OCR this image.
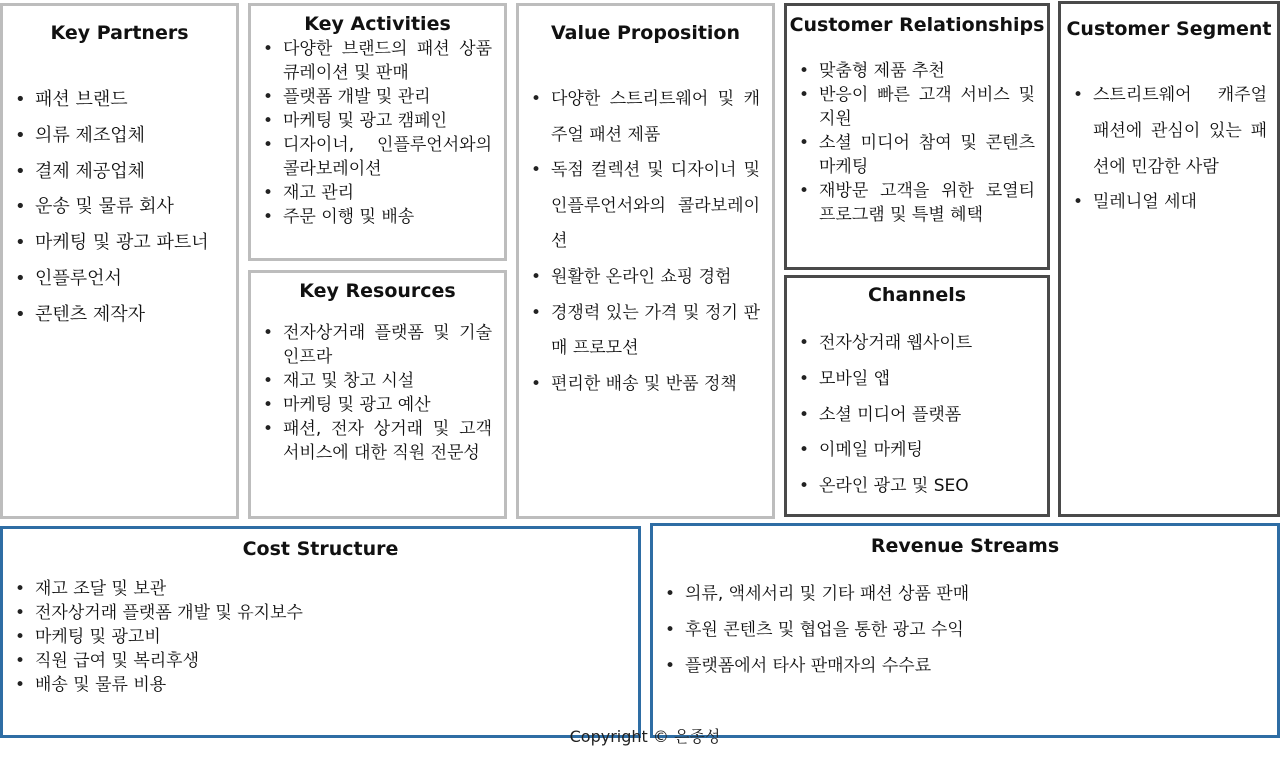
Key Partners
• 패션 브랜드
• 의류 제조업체
• 결제 제공업체
• 운송 및 물류 회사
• 마케팅 및 광고 파트너
• 인플루언서
• 콘텐츠 제작자
Key Activities
• 다양한 브랜드의 패션 상품 큐레이션 및 판매
• 플랫폼 개발 및 관리
• 마케팅 및 광고 캠페인
• 디자이너, 인플루언서와의 콜라보레이션
• 재고 관리
• 주문 이행 및 배송
Key Resources
• 전자상거래 플랫폼 및 기술 인프라
• 재고 및 창고 시설
• 마케팅 및 광고 예산
• 패션, 전자 상거래 및 고객 서비스에 대한 직원 전문성
Value Proposition
• 다양한 스트리트웨어 및 캐주얼 패션 제품
• 독점 컬렉션 및 디자이너 및 인플루언서와의 콜라보레이션
• 원활한 온라인 쇼핑 경험
• 경쟁력 있는 가격 및 정기 판매 프로모션
• 편리한 배송 및 반품 정책
Customer Relationships
• 맞춤형 제품 추천
• 반응이 빠른 고객 서비스 및 지원
• 소셜 미디어 참여 및 콘텐츠 마케팅
• 재방문 고객을 위한 로열티 프로그램 및 특별 혜택
Channels
• 전자상거래 웹사이트
• 모바일 앱
• 소셜 미디어 플랫폼
• 이메일 마케팅
• 온라인 광고 및 SEO
Customer Segment
• 스트리트웨어 캐주얼 패션에 관심이 있는 패션에 민감한 사람
• 밀레니얼 세대
Cost Structure
• 재고 조달 및 보관
• 전자상거래 플랫폼 개발 및 유지보수
• 마케팅 및 광고비
• 직원 급여 및 복리후생
• 배송 및 물류 비용
Revenue Streams
• 의류, 액세서리 및 기타 패션 상품 판매
• 후원 콘텐츠 및 협업을 통한 광고 수익
• 플랫폼에서 타사 판매자의 수수료
Copyright © 은종성
